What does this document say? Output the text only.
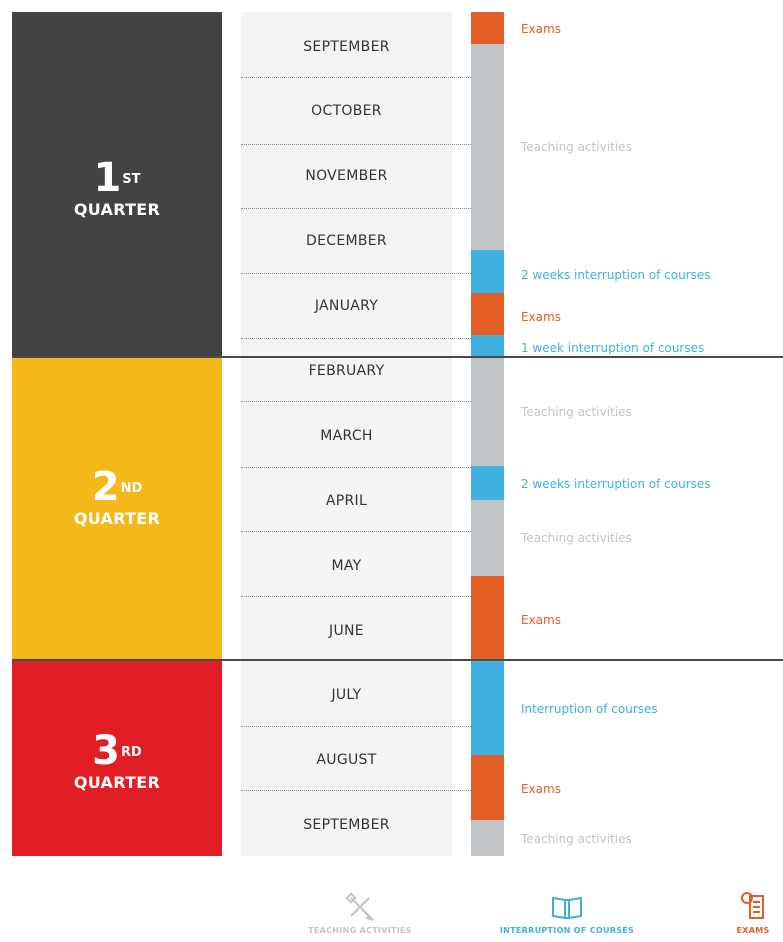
1ST
QUARTER
2ND
QUARTER
3RD
QUARTER
SEPTEMBER
OCTOBER
NOVEMBER
DECEMBER
JANUARY
FEBRUARY
MARCH
APRIL
MAY
JUNE
JULY
AUGUST
SEPTEMBER
Exams
Teaching activities
2 weeks interruption of courses
Exams
1 week interruption of courses
Teaching activities
2 weeks interruption of courses
Teaching activities
Exams
Interruption of courses
Exams
Teaching activities
TEACHING ACTIVITIES	INTERRUPTION OF COURSES	EXAMS
